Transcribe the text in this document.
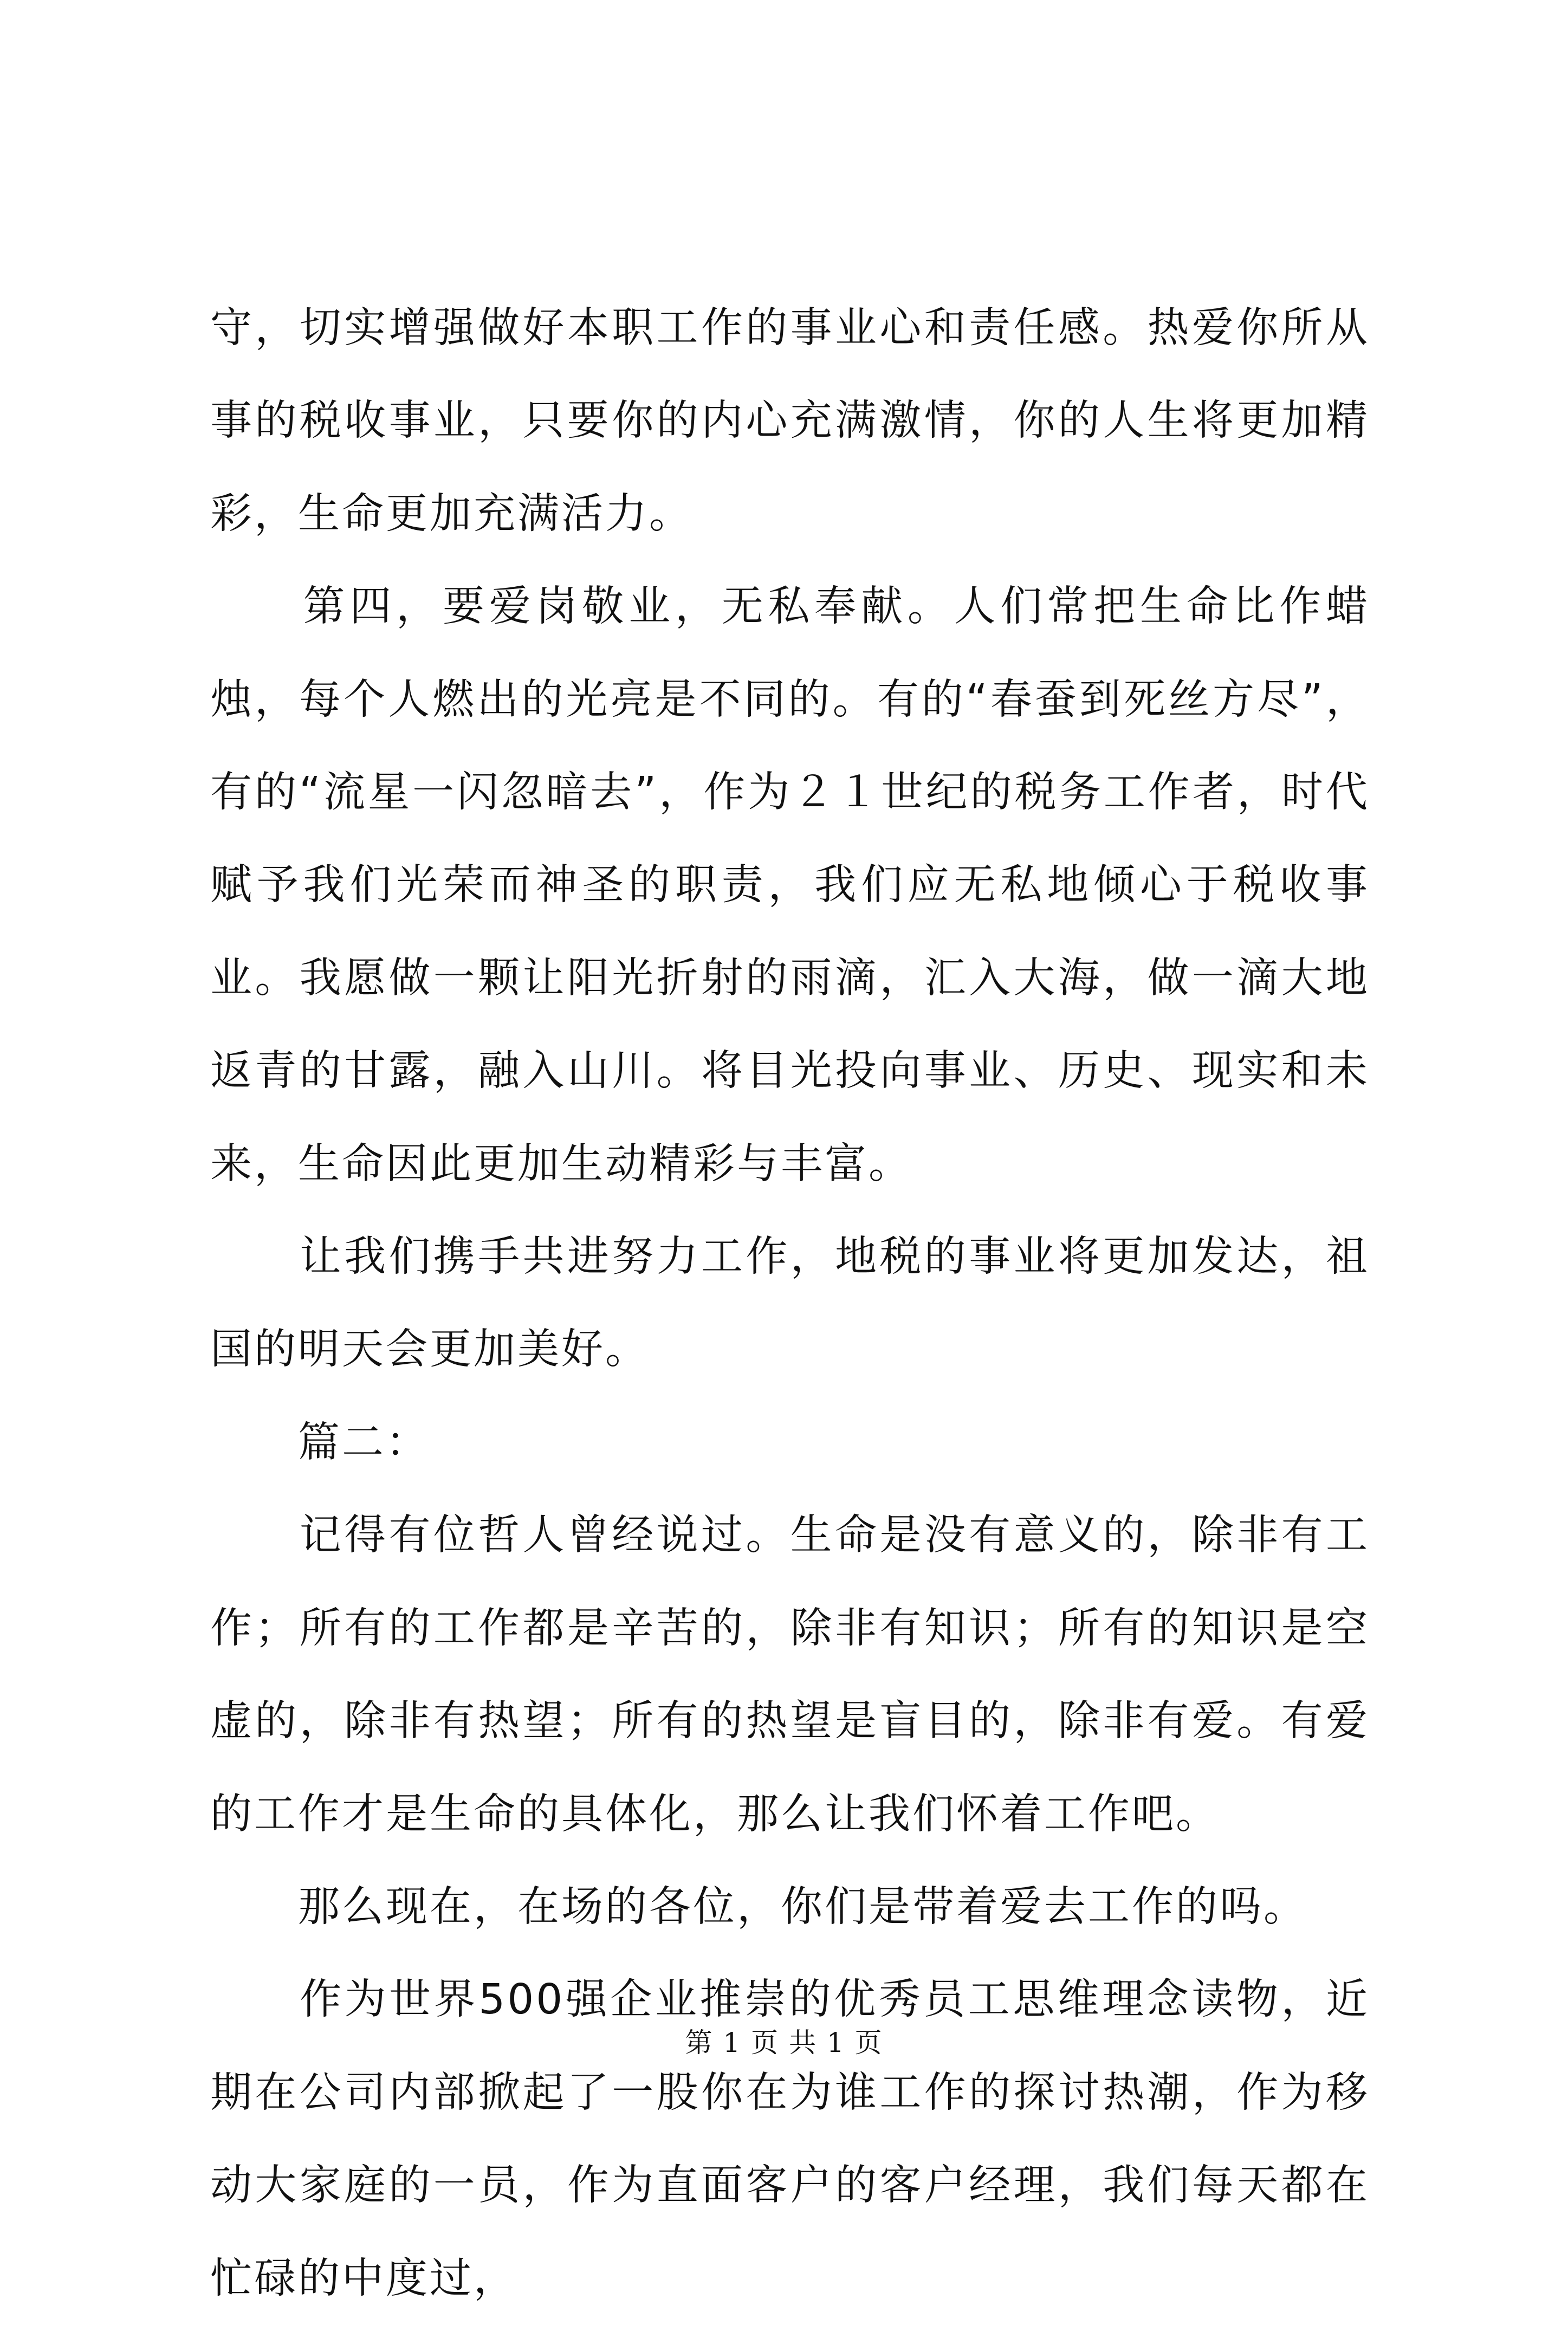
守，切实增强做好本职工作的事业心和责任感。热爱你所从事的税收事业，只要你的内心充满激情，你的人生将更加精彩，生命更加充满活力。

　　第四，要爱岗敬业，无私奉献。人们常把生命比作蜡烛，每个人燃出的光亮是不同的。有的“春蚕到死丝方尽”，有的“流星一闪忽暗去”，作为２１世纪的税务工作者，时代赋予我们光荣而神圣的职责，我们应无私地倾心于税收事业。我愿做一颗让阳光折射的雨滴，汇入大海，做一滴大地返青的甘露，融入山川。将目光投向事业、历史、现实和未来，生命因此更加生动精彩与丰富。

　　让我们携手共进努力工作，地税的事业将更加发达，祖国的明天会更加美好。

　　篇二：

　　记得有位哲人曾经说过。生命是没有意义的，除非有工作；所有的工作都是辛苦的，除非有知识；所有的知识是空虚的，除非有热望；所有的热望是盲目的，除非有爱。有爱的工作才是生命的具体化，那么让我们怀着工作吧。

　　那么现在，在场的各位，你们是带着爱去工作的吗。

　　作为世界500强企业推崇的优秀员工思维理念读物，近期在公司内部掀起了一股你在为谁工作的探讨热潮，作为移动大家庭的一员，作为直面客户的客户经理，我们每天都在忙碌的中度过，

第 1 页 共 1 页
